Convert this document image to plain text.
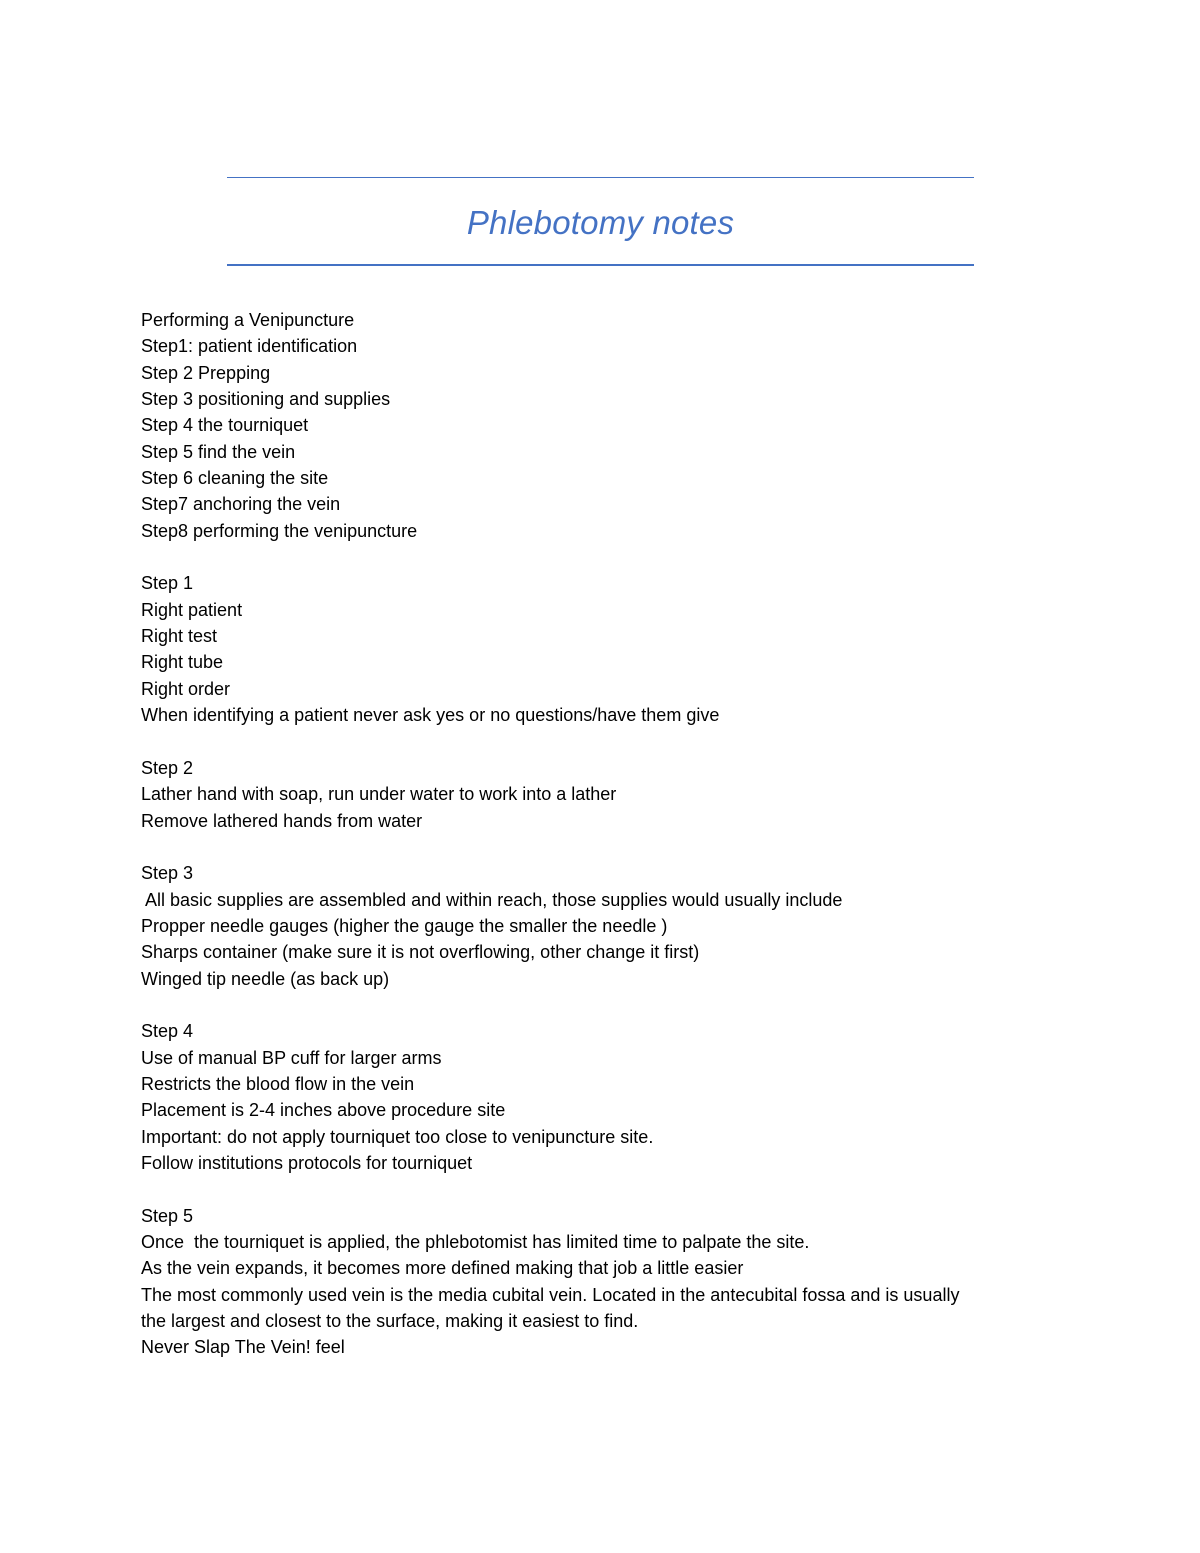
Phlebotomy notes
Performing a Venipuncture
Step1: patient identification
Step 2 Prepping
Step 3 positioning and supplies
Step 4 the tourniquet
Step 5 find the vein
Step 6 cleaning the site
Step7 anchoring the vein
Step8 performing the venipuncture
Step 1
Right patient
Right test
Right tube
Right order
When identifying a patient never ask yes or no questions/have them give
Step 2
Lather hand with soap, run under water to work into a lather
Remove lathered hands from water
Step 3
All basic supplies are assembled and within reach, those supplies would usually include
Propper needle gauges (higher the gauge the smaller the needle )
Sharps container (make sure it is not overflowing, other change it first)
Winged tip needle (as back up)
Step 4
Use of manual BP cuff for larger arms
Restricts the blood flow in the vein
Placement is 2-4 inches above procedure site
Important: do not apply tourniquet too close to venipuncture site.
Follow institutions protocols for tourniquet
Step 5
Once  the tourniquet is applied, the phlebotomist has limited time to palpate the site.
As the vein expands, it becomes more defined making that job a little easier
The most commonly used vein is the media cubital vein. Located in the antecubital fossa and is usually
the largest and closest to the surface, making it easiest to find.
Never Slap The Vein! feel
